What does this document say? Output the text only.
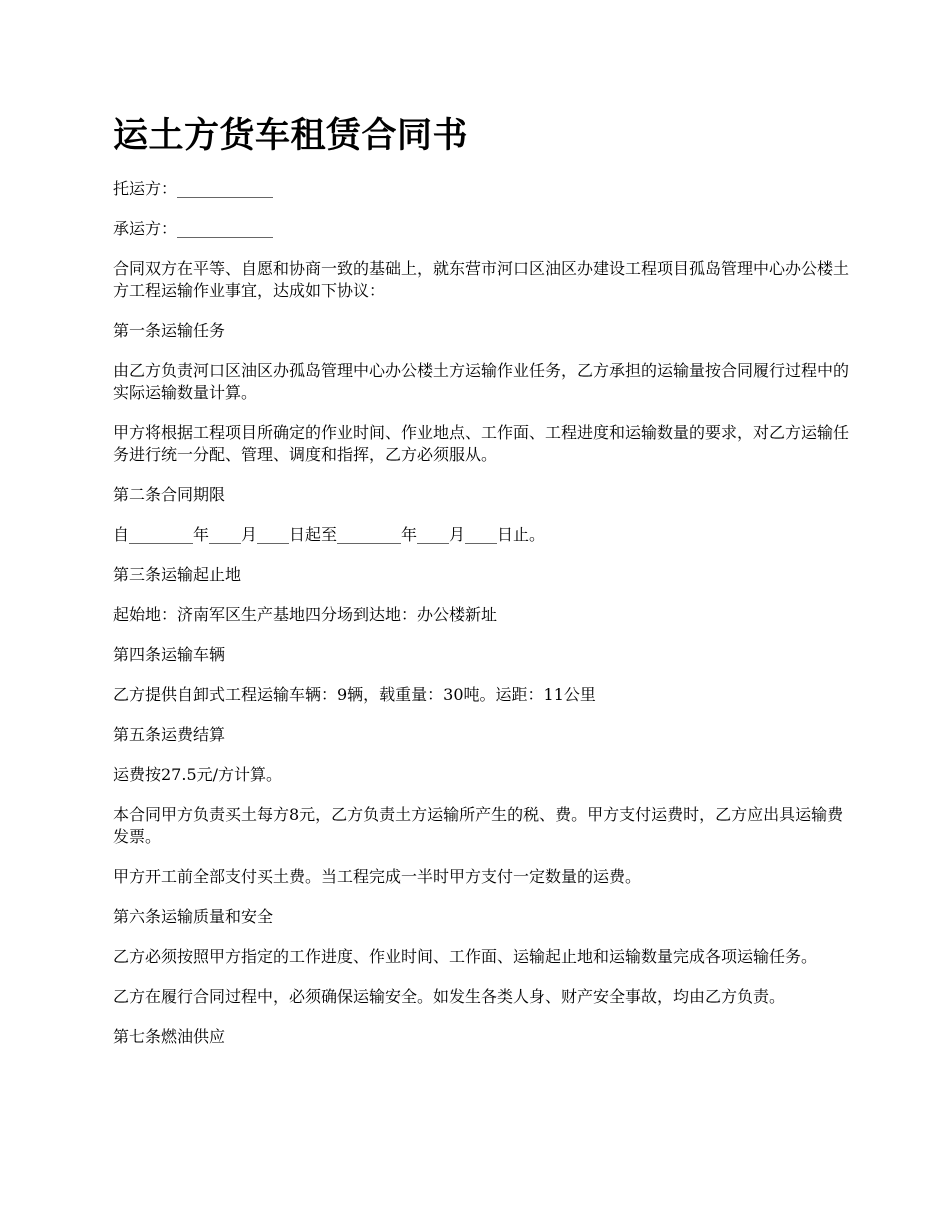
运土方货车租赁合同书

托运方：____________

承运方：____________

合同双方在平等、自愿和协商一致的基础上，就东营市河口区油区办建设工程项目孤岛管理中心办公楼土方工程运输作业事宜，达成如下协议：

第一条运输任务

由乙方负责河口区油区办孤岛管理中心办公楼土方运输作业任务，乙方承担的运输量按合同履行过程中的实际运输数量计算。

甲方将根据工程项目所确定的作业时间、作业地点、工作面、工程进度和运输数量的要求，对乙方运输任务进行统一分配、管理、调度和指挥，乙方必须服从。

第二条合同期限

自________年____月____日起至________年____月____日止。

第三条运输起止地

起始地：济南军区生产基地四分场到达地：办公楼新址

第四条运输车辆

乙方提供自卸式工程运输车辆：9辆，载重量：30吨。运距：11公里

第五条运费结算

运费按27.5元/方计算。

本合同甲方负责买土每方8元，乙方负责土方运输所产生的税、费。甲方支付运费时，乙方应出具运输费发票。

甲方开工前全部支付买土费。当工程完成一半时甲方支付一定数量的运费。

第六条运输质量和安全

乙方必须按照甲方指定的工作进度、作业时间、工作面、运输起止地和运输数量完成各项运输任务。

乙方在履行合同过程中，必须确保运输安全。如发生各类人身、财产安全事故，均由乙方负责。

第七条燃油供应
